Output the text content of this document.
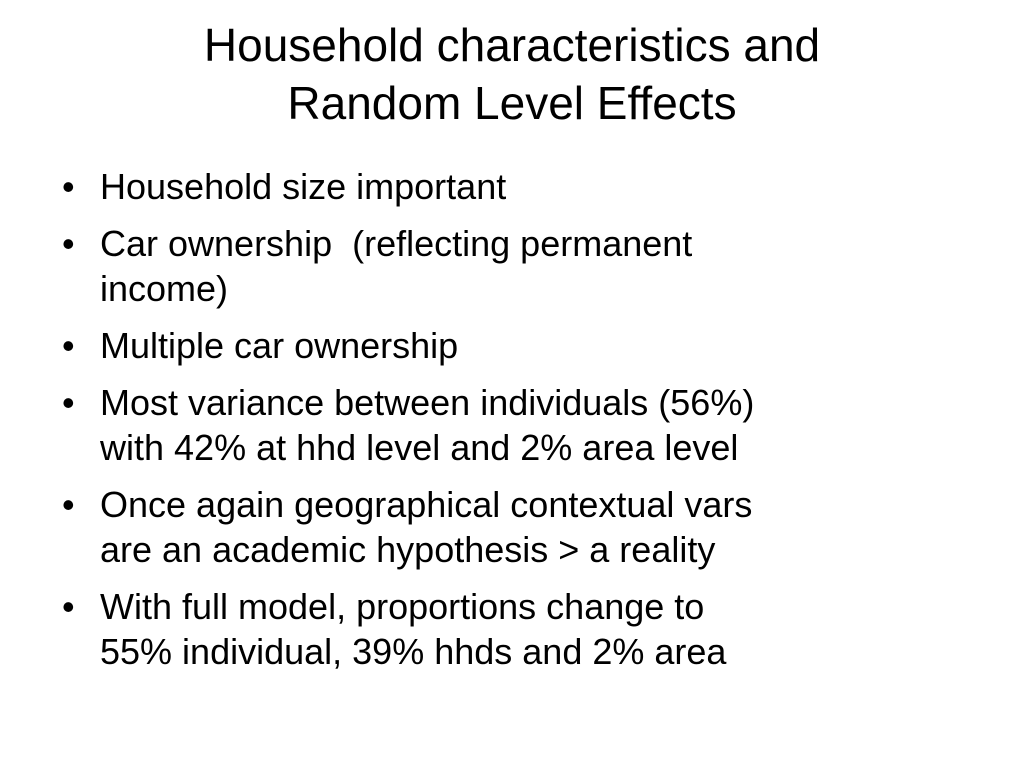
Household characteristics and
Random Level Effects
• Household size important
• Car ownership  (reflecting permanent
income)
• Multiple car ownership
• Most variance between individuals (56%)
with 42% at hhd level and 2% area level
• Once again geographical contextual vars
are an academic hypothesis > a reality
• With full model, proportions change to
55% individual, 39% hhds and 2% area
